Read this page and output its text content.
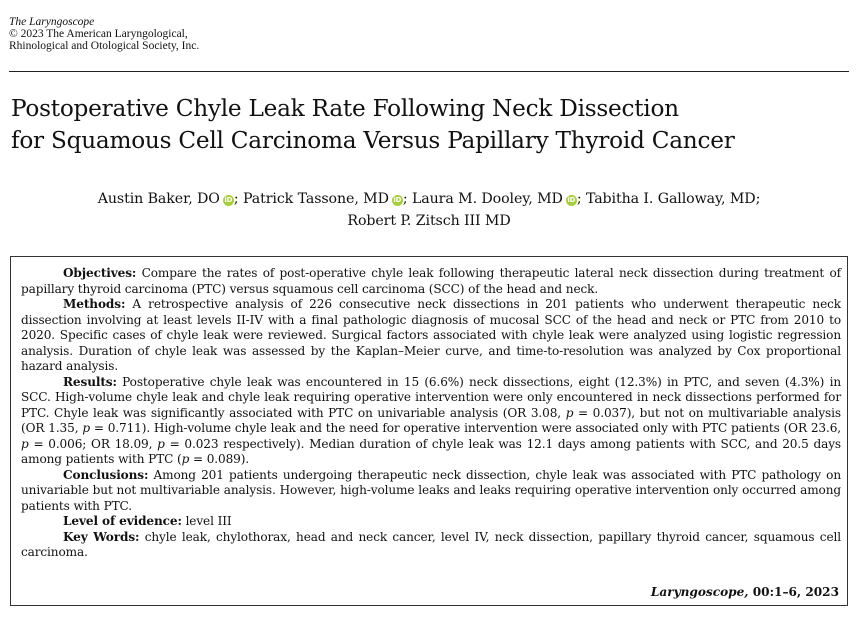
The Laryngoscope
© 2023 The American Laryngological,
Rhinological and Otological Society, Inc.
Postoperative Chyle Leak Rate Following Neck Dissection
for Squamous Cell Carcinoma Versus Papillary Thyroid Cancer
Austin Baker, DO iD ; Patrick Tassone, MD iD ; Laura M. Dooley, MD iD ; Tabitha I. Galloway, MD;
Robert P. Zitsch III MD

Objectives: Compare the rates of post-operative chyle leak following therapeutic lateral neck dissection during treatment of papillary thyroid carcinoma (PTC) versus squamous cell carcinoma (SCC) of the head and neck.

Methods: A retrospective analysis of 226 consecutive neck dissections in 201 patients who underwent therapeutic neck dissection involving at least levels II-IV with a final pathologic diagnosis of mucosal SCC of the head and neck or PTC from 2010 to 2020. Specific cases of chyle leak were reviewed. Surgical factors associated with chyle leak were analyzed using logistic regression analysis. Duration of chyle leak was assessed by the Kaplan–Meier curve, and time-to-resolution was analyzed by Cox proportional hazard analysis.

Results: Postoperative chyle leak was encountered in 15 (6.6%) neck dissections, eight (12.3%) in PTC, and seven (4.3%) in SCC. High-volume chyle leak and chyle leak requiring operative intervention were only encountered in neck dissections performed for PTC. Chyle leak was significantly associated with PTC on univariable analysis (OR 3.08, p = 0.037), but not on multivariable analysis (OR 1.35, p = 0.711). High-volume chyle leak and the need for operative intervention were associated only with PTC patients (OR 23.6, p = 0.006; OR 18.09, p = 0.023 respectively). Median duration of chyle leak was 12.1 days among patients with SCC, and 20.5 days among patients with PTC (p = 0.089).

Conclusions: Among 201 patients undergoing therapeutic neck dissection, chyle leak was associated with PTC pathology on univariable but not multivariable analysis. However, high-volume leaks and leaks requiring operative intervention only occurred among patients with PTC.

Level of evidence: level III

Key Words: chyle leak, chylothorax, head and neck cancer, level IV, neck dissection, papillary thyroid cancer, squamous cell carcinoma.

Laryngoscope, 00:1–6, 2023
